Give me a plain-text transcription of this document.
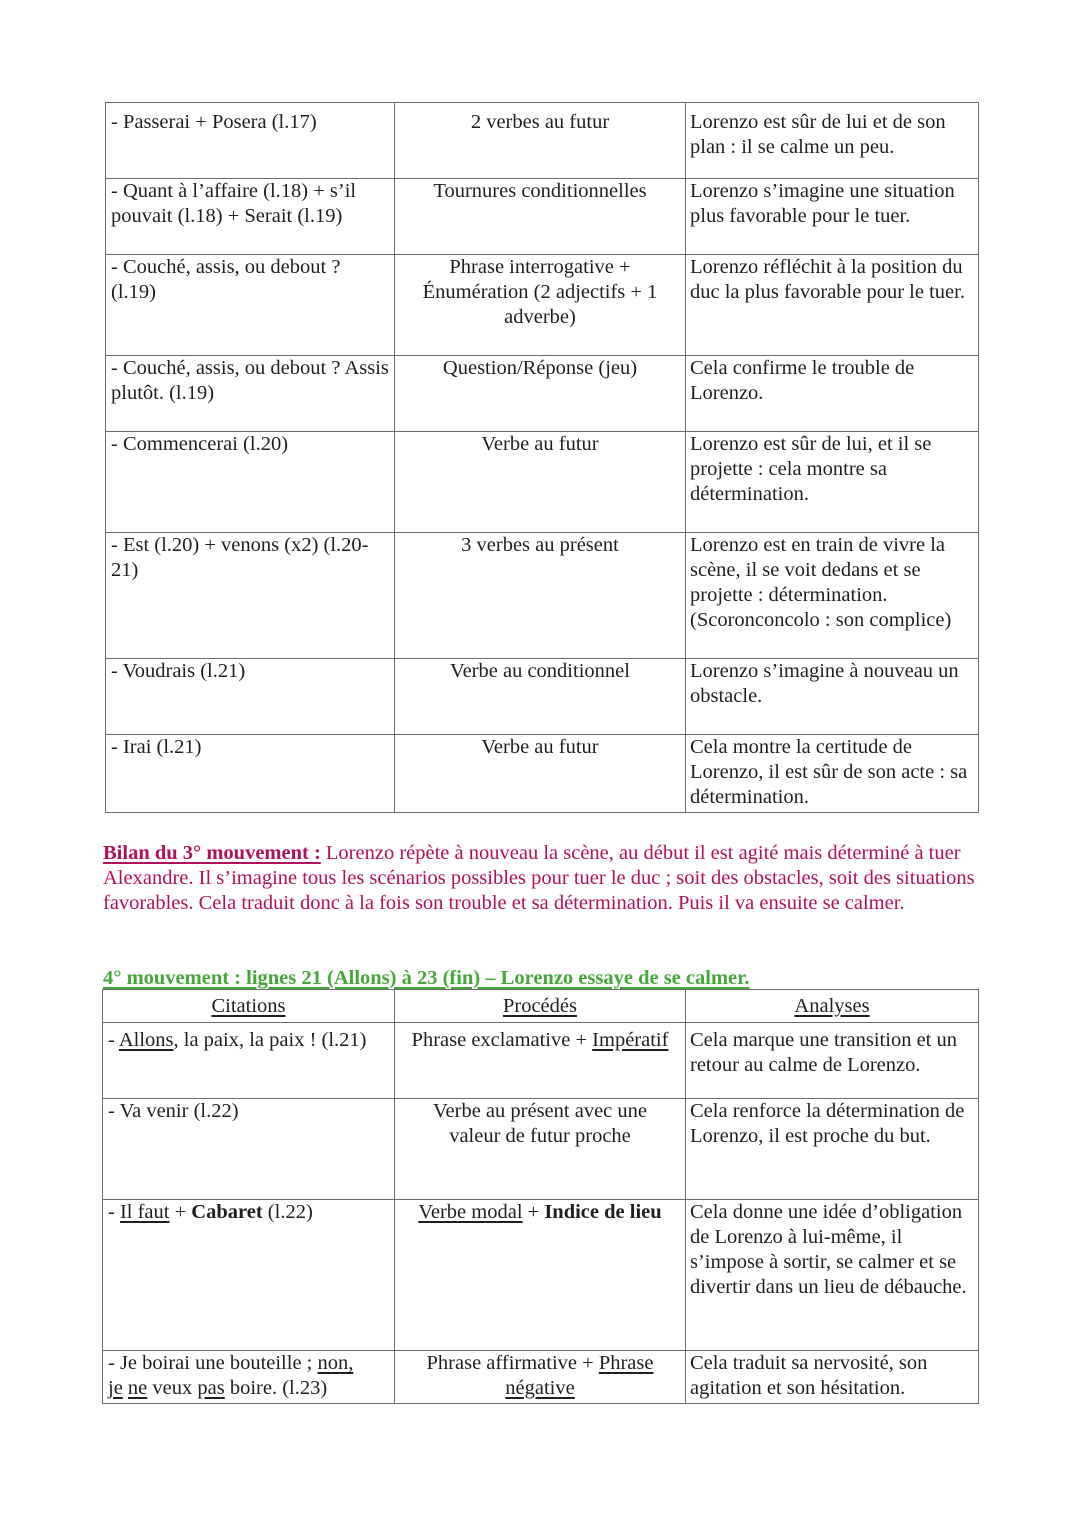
- Passerai + Posera (l.17)	2 verbes au futur	Lorenzo est sûr de lui et de son plan : il se calme un peu.
- Quant à l’affaire (l.18) + s’il pouvait (l.18) + Serait (l.19)	Tournures conditionnelles	Lorenzo s’imagine une situation plus favorable pour le tuer.
- Couché, assis, ou debout ? (l.19)	Phrase interrogative + Énumération (2 adjectifs + 1 adverbe)	Lorenzo réfléchit à la position du duc la plus favorable pour le tuer.
- Couché, assis, ou debout ? Assis plutôt. (l.19)	Question/Réponse (jeu)	Cela confirme le trouble de Lorenzo.
- Commencerai (l.20)	Verbe au futur	Lorenzo est sûr de lui, et il se projette : cela montre sa détermination.
- Est (l.20) + venons (x2) (l.20-21)	3 verbes au présent	Lorenzo est en train de vivre la scène, il se voit dedans et se projette : détermination. (Scoronconcolo : son complice)
- Voudrais (l.21)	Verbe au conditionnel	Lorenzo s’imagine à nouveau un obstacle.
- Irai (l.21)	Verbe au futur	Cela montre la certitude de Lorenzo, il est sûr de son acte : sa détermination.
Bilan du 3° mouvement : Lorenzo répète à nouveau la scène, au début il est agité mais déterminé à tuer Alexandre. Il s’imagine tous les scénarios possibles pour tuer le duc ; soit des obstacles, soit des situations favorables. Cela traduit donc à la fois son trouble et sa détermination. Puis il va ensuite se calmer.
4° mouvement : lignes 21 (Allons) à 23 (fin) – Lorenzo essaye de se calmer.
Citations	Procédés	Analyses
- Allons, la paix, la paix ! (l.21)	Phrase exclamative + Impératif	Cela marque une transition et un retour au calme de Lorenzo.
- Va venir (l.22)	Verbe au présent avec une valeur de futur proche	Cela renforce la détermination de Lorenzo, il est proche du but.
- Il faut + Cabaret (l.22)	Verbe modal + Indice de lieu	Cela donne une idée d’obligation de Lorenzo à lui-même, il s’impose à sortir, se calmer et se divertir dans un lieu de débauche.
- Je boirai une bouteille ; non,
je ne veux pas boire. (l.23)	Phrase affirmative + Phrase négative	Cela traduit sa nervosité, son agitation et son hésitation.
